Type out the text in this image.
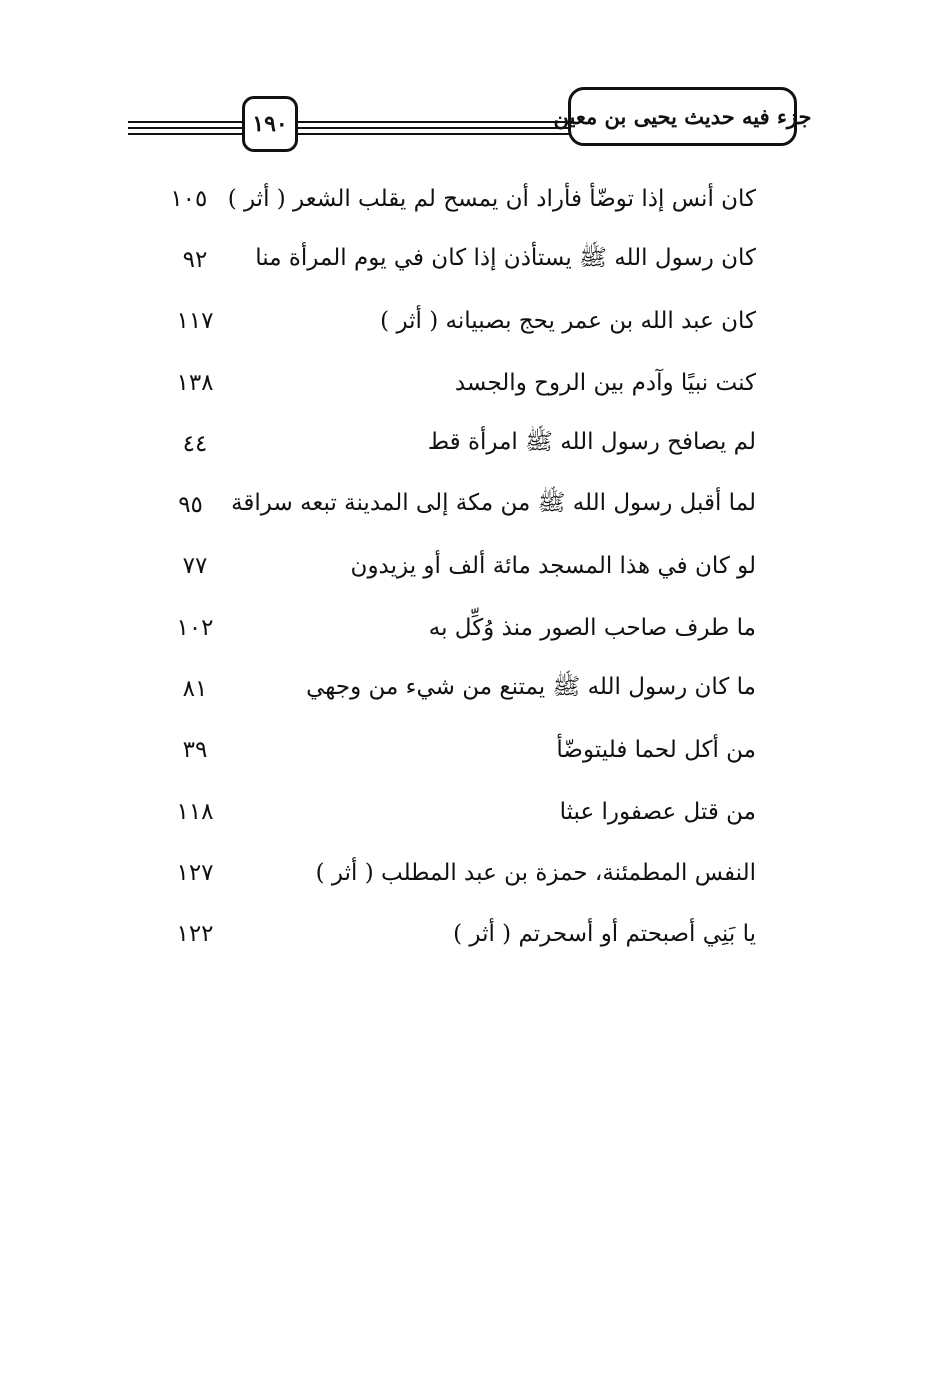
١٩٠	جزء فيه حديث يحيى بن معين
١٠٥ كان أنس إذا توضّأ فأراد أن يمسح لم يقلب الشعر ( أثر )
٩٢	كان رسول الله ﷺ يستأذن إذا كان في يوم المرأة منا
١١٧	كان عبد الله بن عمر يحج بصبيانه ( أثر )
١٣٨	كنت نبيًا وآدم بين الروح والجسد
٤٤	لم يصافح رسول الله ﷺ امرأة قط
٩٥	لما أقبل رسول الله ﷺ من مكة إلى المدينة تبعه سراقة
٧٧	لو كان في هذا المسجد مائة ألف أو يزيدون
١٠٢	ما طرف صاحب الصور منذ وُكِّل به
٨١	ما كان رسول الله ﷺ يمتنع من شيء من وجهي
٣٩	من أكل لحما فليتوضّأ
١١٨	من قتل عصفورا عبثا
١٢٧	النفس المطمئنة، حمزة بن عبد المطلب ( أثر )
١٢٢	يا بَنِي أصبحتم أو أسحرتم ( أثر )
